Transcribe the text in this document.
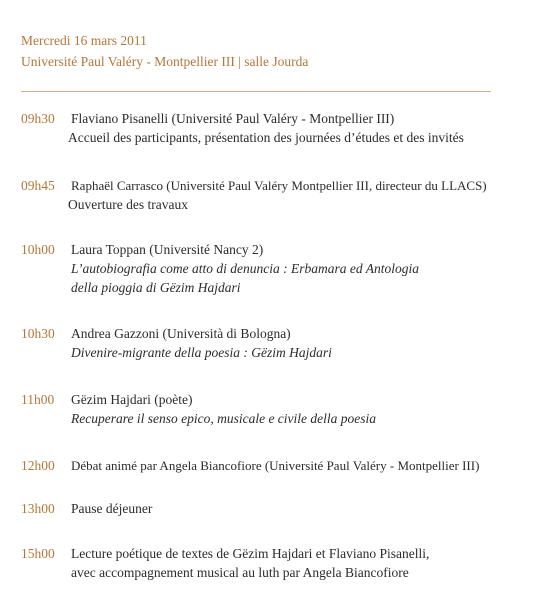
Mercredi 16 mars 2011
Université Paul Valéry - Montpellier III | salle Jourda
09h30	Flaviano Pisanelli (Université Paul Valéry - Montpellier III)
Accueil des participants, présentation des journées d’études et des invités
09h45	Raphaël Carrasco (Université Paul Valéry Montpellier III, directeur du LLACS)
Ouverture des travaux
10h00	Laura Toppan (Université Nancy 2)
L’autobiografia come atto di denuncia : Erbamara ed Antologia
della pioggia di Gëzim Hajdari
10h30	Andrea Gazzoni (Università di Bologna)
Divenire-migrante della poesia : Gëzim Hajdari
11h00	Gëzim Hajdari (poète)
Recuperare il senso epico, musicale e civile della poesia
12h00	Débat animé par Angela Biancofiore (Université Paul Valéry - Montpellier III)
13h00	Pause déjeuner
15h00	Lecture poétique de textes de Gëzim Hajdari et Flaviano Pisanelli,
avec accompagnement musical au luth par Angela Biancofiore
